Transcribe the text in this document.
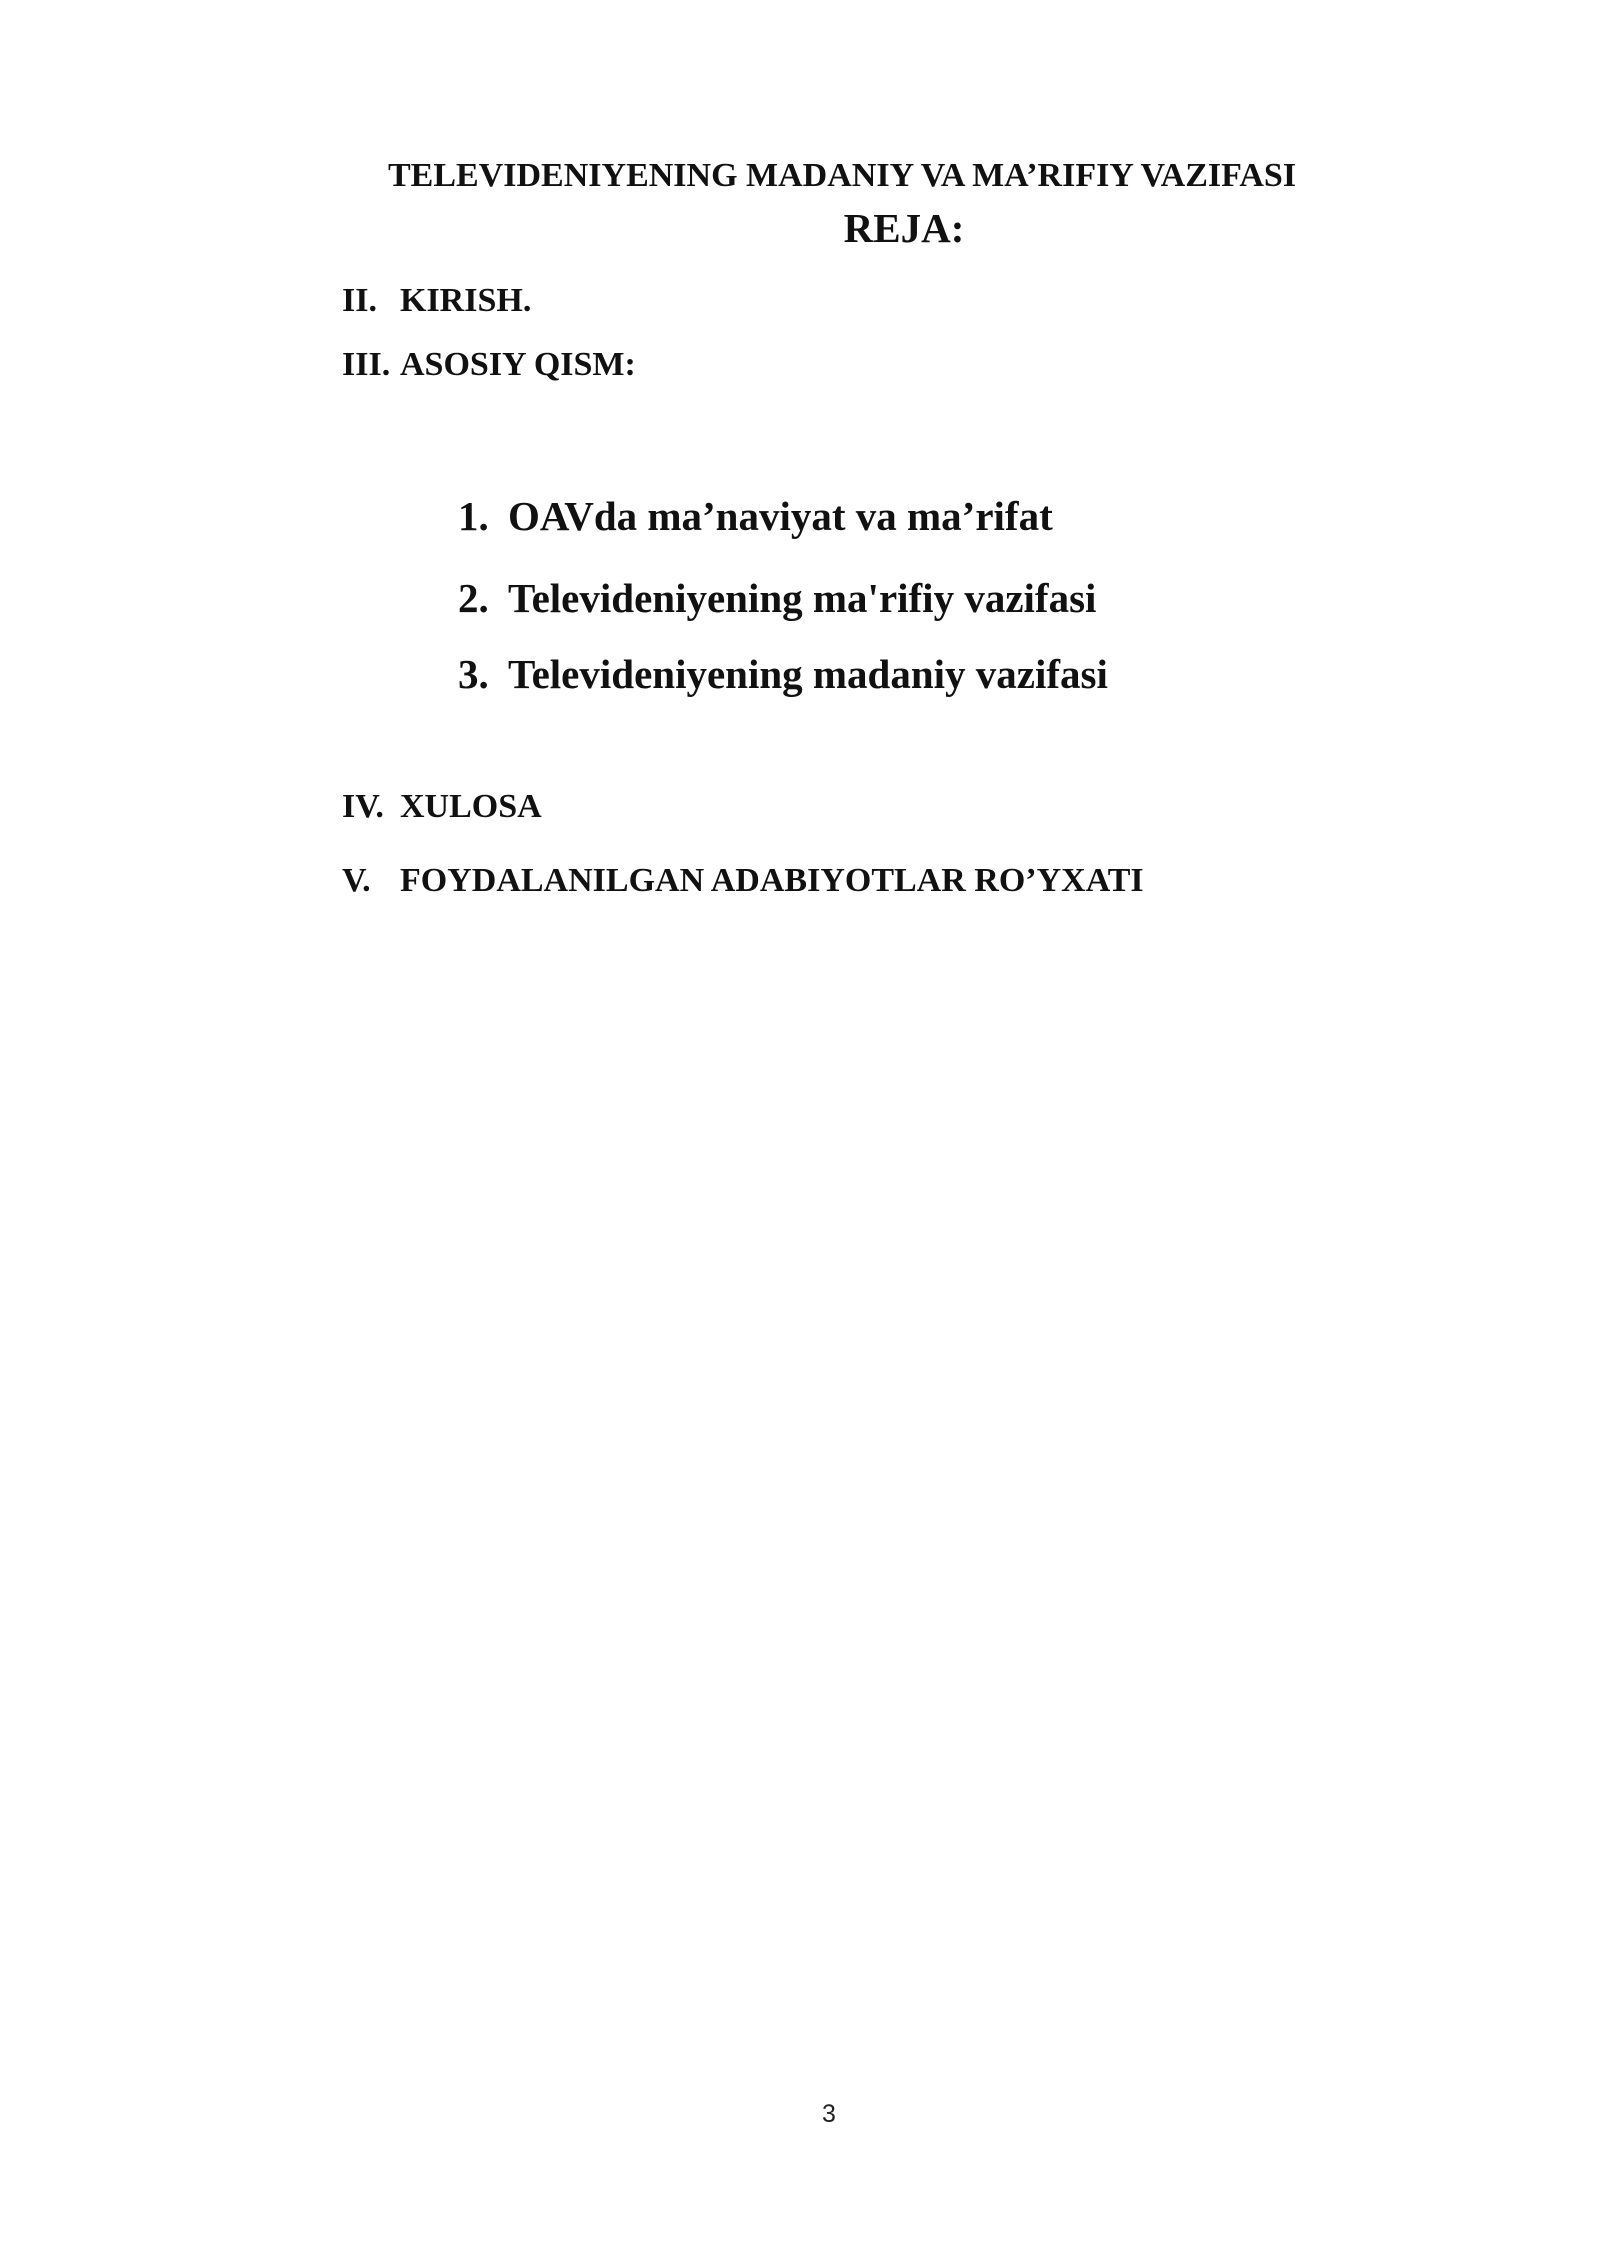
TELEVIDENIYENING MADANIY VA MA’RIFIY VAZIFASI
REJA:
II. KIRISH.
III. ASOSIY QISM:
1. OAVda ma’naviyat va ma’rifat
2. Televideniyening ma'rifiy vazifasi
3. Televideniyening madaniy vazifasi
IV. XULOSA
V. FOYDALANILGAN ADABIYOTLAR RO’YXATI
3
